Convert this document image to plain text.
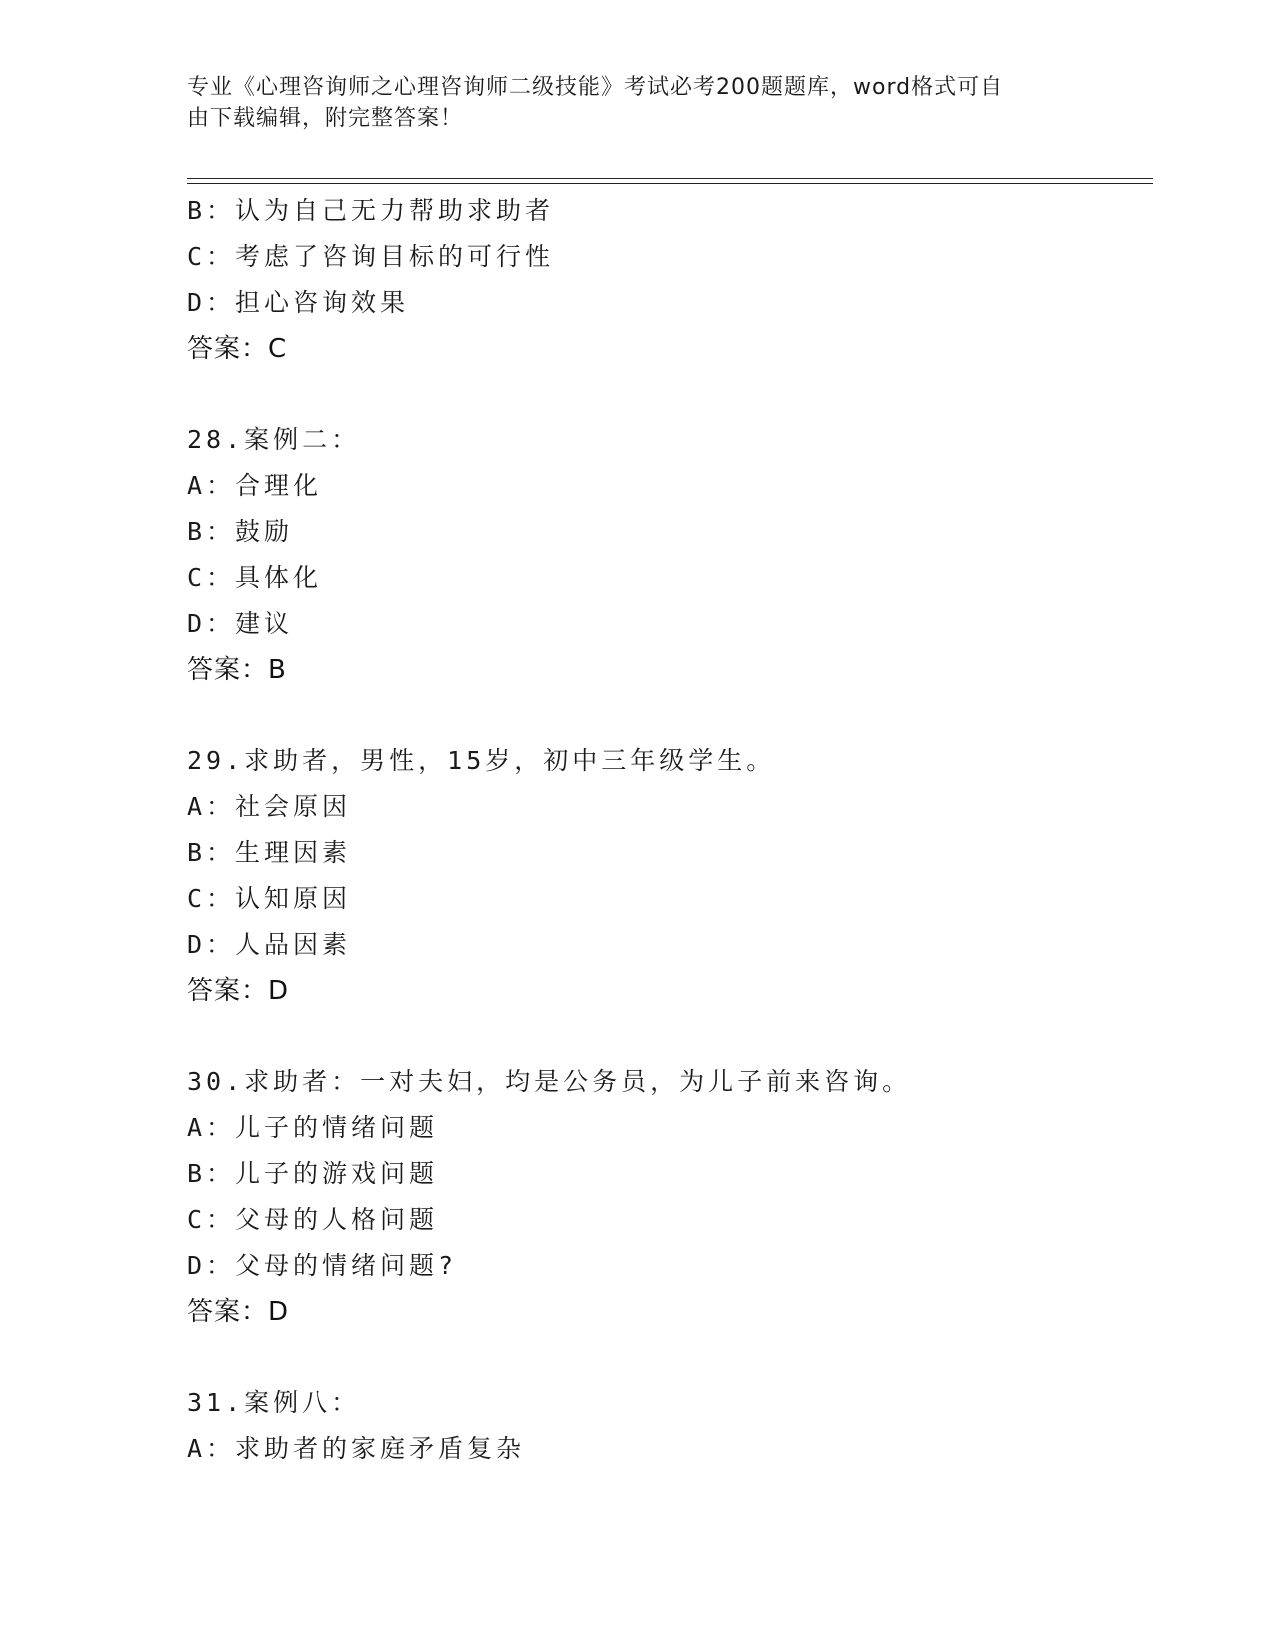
专业《心理咨询师之心理咨询师二级技能》考试必考200题题库，word格式可自
由下载编辑，附完整答案！
B：认为自己无力帮助求助者
C：考虑了咨询目标的可行性
D：担心咨询效果
答案：C
28.案例二：
A：合理化
B：鼓励
C：具体化
D：建议
答案：B
29.求助者，男性，15岁，初中三年级学生。
A：社会原因
B：生理因素
C：认知原因
D：人品因素
答案：D
30.求助者：一对夫妇，均是公务员，为儿子前来咨询。
A：儿子的情绪问题
B：儿子的游戏问题
C：父母的人格问题
D：父母的情绪问题?
答案：D
31.案例八：
A：求助者的家庭矛盾复杂
